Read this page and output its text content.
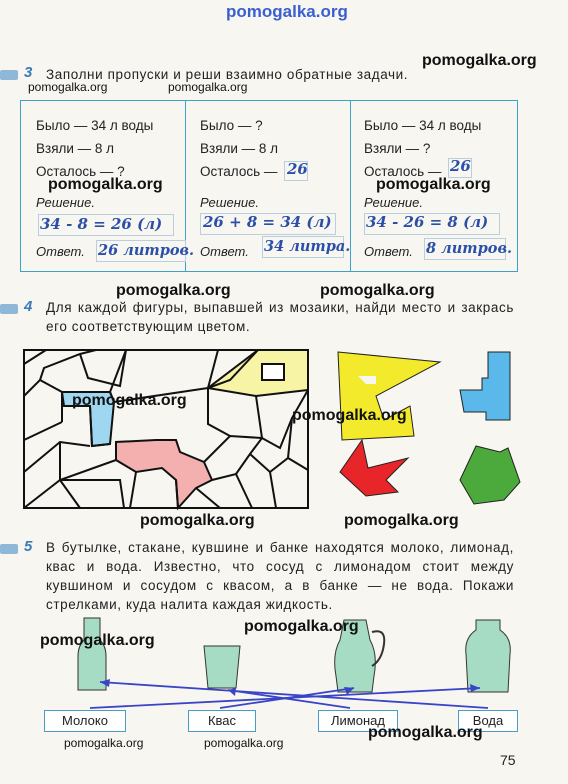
pomogalka.org
pomogalka.org
pomogalka.org	pomogalka.org
3 Заполни пропуски и реши взаимно обратные задачи.
Было — 34 л воды
Взяли — 8 л
Осталось — ?
Решение.
34 - 8 = 26 (л)
Ответ. 26 литров.
Было — ?
Взяли — 8 л
Осталось — 26
Решение.
26 + 8 = 34 (л)
Ответ. 34 литра.
Было — 34 л воды
Взяли — ?
Осталось — 26
Решение.
34 - 26 = 8 (л)
Ответ. 8 литров.
pomogalka.org	pomogalka.org
pomogalka.org	pomogalka.org
4 Для каждой фигуры, выпавшей из мозаики, найди место и закрась его соответствующим цветом.
pomogalka.org
pomogalka.org
pomogalka.org	pomogalka.org
5 В бутылке, стакане, кувшине и банке находятся молоко, лимонад, квас и вода. Известно, что сосуд с лимонадом стоит между кувшином и сосудом с квасом, а в банке — не вода. Покажи стрелками, куда налита каждая жидкость.
pomogalka.org
pomogalka.org
Молоко	Квас	Лимонад	Вода
pomogalka.org	pomogalka.org
pomogalka.org
75
